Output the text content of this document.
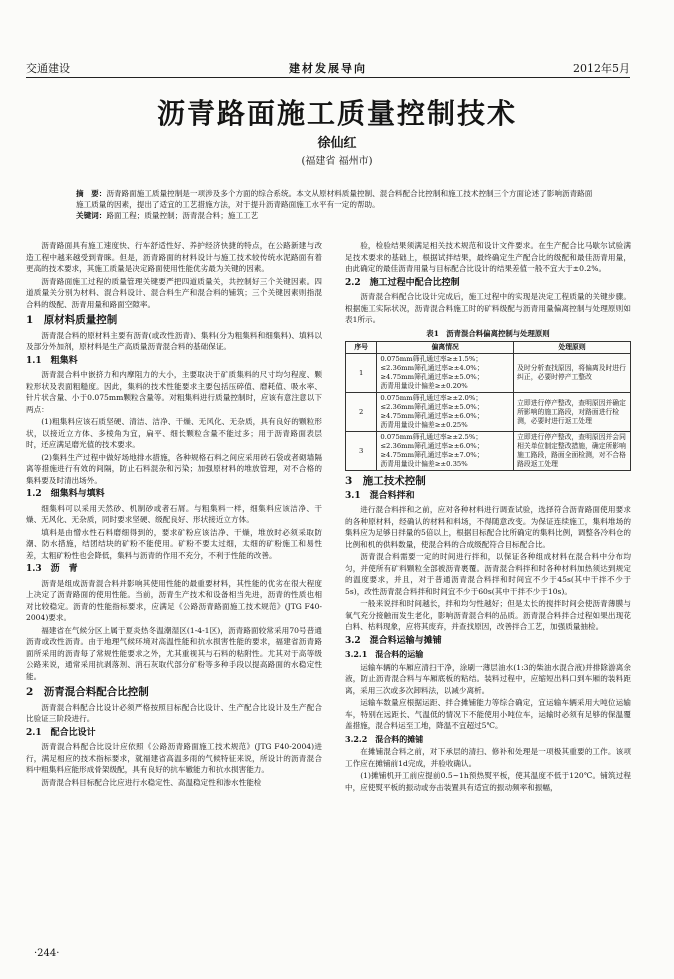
交通建设	建材发展导向	2012年5月
沥青路面施工质量控制技术
徐仙红
(福建省 福州市)
摘　要：沥青路面施工质量控制是一项涉及多个方面的综合系统。本文从原材料质量控制、混合料配合比控制和施工技术控制三个方面论述了影响沥青路面施工质量的因素，提出了适宜的工艺措施方法，对于提升沥青路面施工水平有一定的帮助。
关键词：路面工程；质量控制；沥青混合料；施工工艺

沥青路面具有施工速度快、行车舒适性好、养护经济快捷的特点，在公路新建与改造工程中越来越受到青睐。但是，沥青路面的材料设计与施工技术较传统水泥路面有着更高的技术要求，其施工质量是决定路面使用性能优劣最为关键的因素。

沥青路面施工过程的质量管理关键要严把四道质量关，共控制好三个关键因素。四道质量关分别为材料、混合料设计、混合料生产和混合料的铺筑；三个关键因素则指混合料的级配、沥青用量和路面空隙率。

1　原材料质量控制

沥青混合料的原材料主要有沥青(或改性沥青)、集料(分为粗集料和细集料)、填料以及部分外加剂，原材料是生产高质量沥青混合料的基础保证。

1.1　粗集料

沥青混合料中嵌挤力和内摩阻力的大小，主要取决于矿质集料的尺寸均匀程度、颗粒形状及表面粗糙度。因此，集料的技术性能要求主要包括压碎值、磨耗值、吸水率、针片状含量、小于0.075mm颗粒含量等。对粗集料进行质量控制时，应该有意注意以下两点：

(1)粗集料应该石质坚硬、清洁、洁净、干燥、无风化、无杂质，具有良好的颗粒形状，以接近立方体、多棱角为宜，扁平、细长颗粒含量不能过多；用于沥青路面表层时，还应满足磨光值的技术要求。

(2)集料生产过程中做好场地排水措施，各种规格石料之间应采用砖石袋或者砌墙隔离等措施进行有效的间隔，防止石料混杂和污染；加强原材料的堆放管理，对不合格的集料要及时清出场外。

1.2　细集料与填料

细集料可以采用天然砂、机制砂或者石屑。与粗集料一样，细集料应该洁净、干燥、无风化、无杂质，同时要求坚硬、级配良好、形状接近立方体。

填料是由憎水性石料磨细得到的，要求矿粉应该洁净、干燥，堆放时必须采取防潮、防水措施，结团结块的矿粉不能使用。矿粉不要太过细，太细的矿粉施工和易性差，太粗矿粉性也会降低，集料与沥青的作用不充分，不利于性能的改善。

1.3　沥　青

沥青是组成沥青混合料并影响其使用性能的最重要材料，其性能的优劣在很大程度上决定了沥青路面的使用性能。当前，沥青生产技术和设备相当先进，沥青的性质也相对比较稳定。沥青的性能指标要求，应满足《公路沥青路面施工技术规范》(JTG F40-2004)要求。

福建省在气候分区上属于夏炎热冬温潮湿区(1-4-1区)，沥青路面较常采用70号普通沥青或改性沥青。由于地理气候环境对高温性能和抗水损害性能的要求，福建省沥青路面所采用的沥青每了常规性能要求之外，尤其重视其与石料的粘附性。尤其对于高等级公路来说，通常采用抗剥落剂、消石灰取代部分矿粉等多种手段以提高路面的水稳定性能。

2　沥青混合料配合比控制

沥青混合料配合比设计必须严格按照目标配合比设计、生产配合比设计及生产配合比验证三阶段进行。

2.1　配合比设计

沥青混合料配合比设计应依照《公路沥青路面施工技术规范》(JTG F40-2004)进行，满足相应的技术指标要求，就福建省高温多雨的气候特征来说，所设计的沥青混合料中粗集料应能形成骨架级配，具有良好的抗车辙能力和抗水损害能力。

沥青混合料目标配合比应进行水稳定性、高温稳定性和渗水性能检

验，检验结果须满足相关技术规范和设计文件要求。在生产配合比马歇尔试验满足技术要求的基础上，根据试拌结果，最终确定生产配合比的级配和最佳沥青用量，由此确定的最佳沥青用量与目标配合比设计的结果差值一般不宜大于±0.2%。

2.2　施工过程中配合比控制

沥青混合料配合比设计完成后，施工过程中的实现是决定工程质量的关键步骤。根据施工实际状况，沥青混合料施工时的矿料级配与沥青用量偏离控制与处理原则如表1所示。

表1　沥青混合料偏离控制与处理原则
序号	偏离情况	处理原则
1	0.075mm筛孔通过率≥±1.5%；
≤2.36mm筛孔通过率≥±4.0%；
≥4.75mm筛孔通过率≥±5.0%；
沥青用量设计偏差≥±0.20%	及时分析查找原因，将偏离及时进行纠正，必要时停产工整改
2	0.075mm筛孔通过率≥±2.0%；
≤2.36mm筛孔通过率≥±5.0%；
≥4.75mm筛孔通过率≥±6.0%；
沥青用量设计偏差≥±0.25%	立即进行停产整改，查明原因并确定所影响的施工路段，对路面进行检测，必要时进行返工处理
3	0.075mm筛孔通过率≥±2.5%；
≤2.36mm筛孔通过率≥±6.0%；
≥4.75mm筛孔通过率≥±7.0%；
沥青用量设计偏差≥±0.35%	立即进行停产整改，查明原因并会同相关单位制定整改措施，确定所影响施工路段，路面全面检测，对不合格路段返工处理
3　施工技术控制
3.1　混合料拌和

进行混合料拌和之前，应对各种材料进行调查试验，选择符合沥青路面使用要求的各种原材料，经确认的材料和料场，不得随意改变。为保证连续施工，集料堆场的集料应为足够日拌量的5倍以上，根据目标配合比所确定的集料比例，调整各冷料仓的比例和机的供料数量，使混合料的合成级配符合目标配合比。

沥青混合料需要一定的时间进行拌和，以保证各种组成材料在混合料中分布均匀，并使所有矿料颗粒全部被沥青裹覆。沥青混合料拌和时各种材料加热须达到规定的温度要求，并且，对于普通沥青混合料拌和时间宜不少于45s(其中干拌不少于5s)，改性沥青混合料拌和时间宜不少于60s(其中干拌不少于10s)。

一般来说拌和时间越长，拌和均匀性越好；但是太长的搅拌时间会使沥青薄膜与氧气充分接触而发生老化，影响沥青混合料的品质。沥青混合料拌合过程如果出现花白料、枯料现象，应将其废弃，并查找原因，改善拌合工艺，加强质量抽检。

3.2　混合料运输与摊铺
3.2.1　混合料的运输

运输车辆的车厢应清扫干净，涂刷一薄层油水(1:3的柴油水混合液)并排除游离余液，防止沥青混合料与车厢底板的粘结。装料过程中，应缩短出料口到车厢的装料距离，采用三次或多次卸料法，以减少离析。

运输车数量应根据运距、拌合摊铺能力等综合确定，宜运输车辆采用大吨位运输车，特别在远距长、气温低的情况下不能使用小吨位车，运输时必须有足够的保温覆盖措施，混合料运至工地，降温不宜超过5℃。

3.2.2　混合料的摊铺

在摊铺混合料之前，对下承层的清扫、修补和处理是一项极其重要的工作。该项工作应在摊铺前1d完成，并验收确认。

(1)摊铺机开工前应提前0.5~1h预热熨平板，使其温度不低于120℃。铺筑过程中，应使熨平板的振动或夯击装置具有适宜的振动频率和振幅，

·244·
